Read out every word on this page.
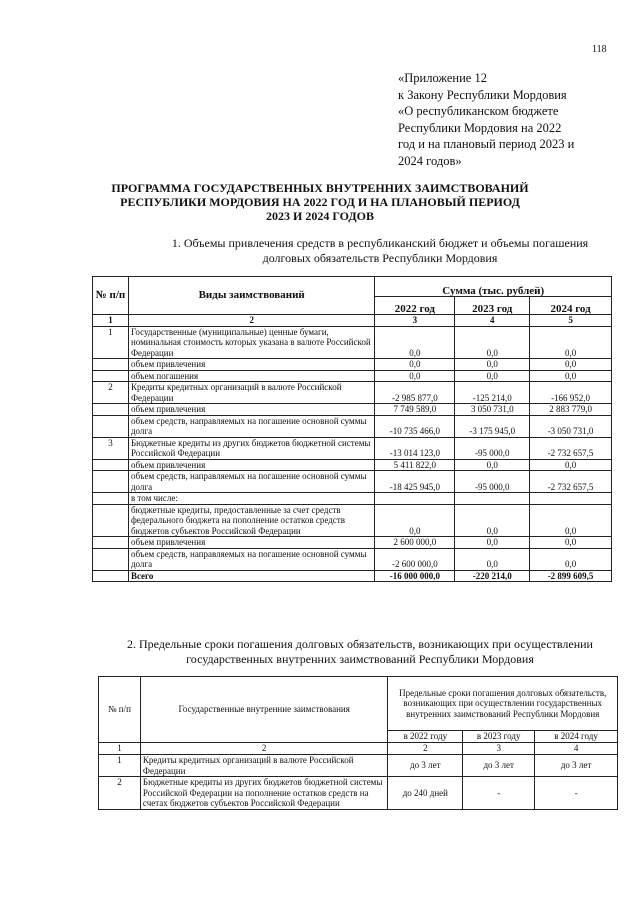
118
«Приложение 12
к Закону Республики Мордовия
«О республиканском бюджете
Республики Мордовия на 2022
год и на плановый период 2023 и
2024 годов»
ПРОГРАММА ГОСУДАРСТВЕННЫХ ВНУТРЕННИХ ЗАИМСТВОВАНИЙ
РЕСПУБЛИКИ МОРДОВИЯ НА 2022 ГОД И НА ПЛАНОВЫЙ ПЕРИОД
2023 И 2024 ГОДОВ
1. Объемы привлечения средств в республиканский бюджет и объемы погашения
долговых обязательств Республики Мордовия
№ п/п	Виды заимствований	Сумма (тыс. рублей)		
		2022 год	2023 год	2024 год
1	2	3	4	5
1	Государственные (муниципальные) ценные бумаги, номинальная стоимость которых указана в валюте Российской Федерации	0,0	0,0	0,0
	объем привлечения	0,0	0,0	0,0
	объем погашения	0,0	0,0	0,0
2	Кредиты кредитных организаций в валюте Российской Федерации	-2 985 877,0	-125 214,0	-166 952,0
	объем привлечения	7 749 589,0	3 050 731,0	2 883 779,0
	объем средств, направляемых на погашение основной суммы долга	-10 735 466,0	-3 175 945,0	-3 050 731,0
3	Бюджетные кредиты из других бюджетов бюджетной системы Российской Федерации	-13 014 123,0	-95 000,0	-2 732 657,5
	объем привлечения	5 411 822,0	0,0	0,0
	объем средств, направляемых на погашение основной суммы долга	-18 425 945,0	-95 000,0	-2 732 657,5
	в том числе:			
	бюджетные кредиты, предоставленные за счет средств федерального бюджета на пополнение остатков средств бюджетов субъектов Российской Федерации	0,0	0,0	0,0
	объем привлечения	2 600 000,0	0,0	0,0
	объем средств, направляемых на погашение основной суммы долга	-2 600 000,0	0,0	0,0
	Всего	-16 000 000,0	-220 214,0	-2 899 609,5
2. Предельные сроки погашения долговых обязательств, возникающих при осуществлении
государственных внутренних заимствований Республики Мордовия
№ п/п	Государственные внутренние заимствования	Предельные сроки погашения долговых обязательств, возникающих при осуществлении государственных внутренних заимствований Республики Мордовия		
		в 2022 году	в 2023 году	в 2024 году
1	2	2	3	4
1	Кредиты кредитных организаций в валюте Российской Федерации	до 3 лет	до 3 лет	до 3 лет
2	Бюджетные кредиты из других бюджетов бюджетной системы Российской Федерации на пополнение остатков средств на счетах бюджетов субъектов Российской Федерации	до 240 дней	-	-
